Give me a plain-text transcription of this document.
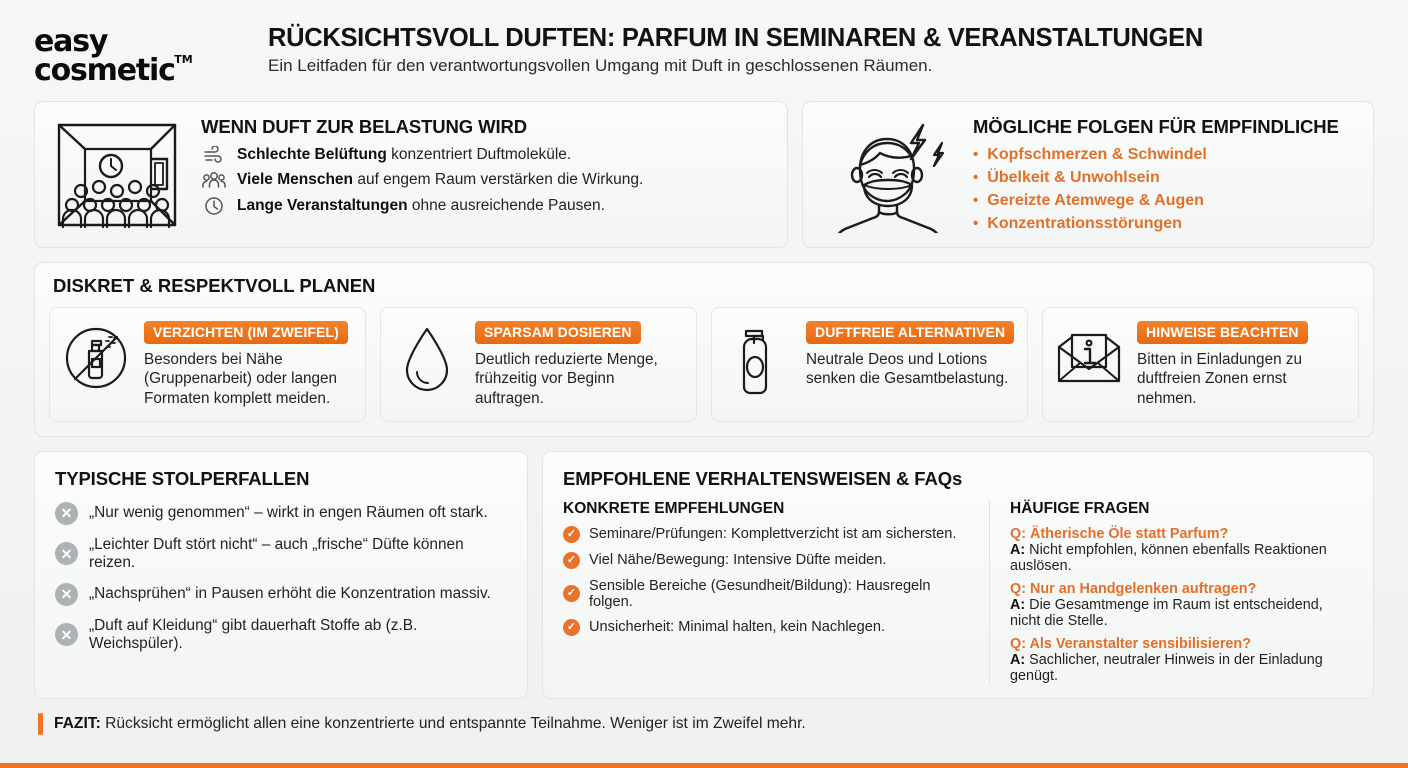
easy
cosmetic TM
RÜCKSICHTSVOLL DUFTEN: PARFUM IN SEMINAREN & VERANSTALTUNGEN
Ein Leitfaden für den verantwortungsvollen Umgang mit Duft in geschlossenen Räumen.
WENN DUFT ZUR BELASTUNG WIRD
Schlechte Belüftung konzentriert Duftmoleküle.
Viele Menschen auf engem Raum verstärken die Wirkung.
Lange Veranstaltungen ohne ausreichende Pausen.
MÖGLICHE FOLGEN FÜR EMPFINDLICHE
• Kopfschmerzen & Schwindel
• Übelkeit & Unwohlsein
• Gereizte Atemwege & Augen
• Konzentrationsstörungen
DISKRET & RESPEKTVOLL PLANEN
VERZICHTEN (IM ZWEIFEL)
Besonders bei Nähe (Gruppenarbeit) oder langen Formaten komplett meiden.
SPARSAM DOSIEREN
Deutlich reduzierte Menge, frühzeitig vor Beginn auftragen.
DUFTFREIE ALTERNATIVEN
Neutrale Deos und Lotions senken die Gesamtbelastung.
HINWEISE BEACHTEN
Bitten in Einladungen zu duftfreien Zonen ernst nehmen.
TYPISCHE STOLPERFALLEN
✕	„Nur wenig genommen“ – wirkt in engen Räumen oft stark.
✕
„Leichter Duft stört nicht“ – auch „frische“ Düfte können reizen.
✕	„Nachsprühen“ in Pausen erhöht die Konzentration massiv.
✕
„Duft auf Kleidung“ gibt dauerhaft Stoffe ab (z.B. Weichspüler).
EMPFOHLENE VERHALTENSWEISEN & FAQs
KONKRETE EMPFEHLUNGEN
✓ Seminare/Prüfungen: Komplettverzicht ist am sichersten.
✓ Viel Nähe/Bewegung: Intensive Düfte meiden.
✓ Sensible Bereiche (Gesundheit/Bildung): Hausregeln folgen.
✓ Unsicherheit: Minimal halten, kein Nachlegen.
HÄUFIGE FRAGEN
Q: Ätherische Öle statt Parfum?
A: Nicht empfohlen, können ebenfalls Reaktionen auslösen.
Q: Nur an Handgelenken auftragen?
A: Die Gesamtmenge im Raum ist entscheidend, nicht die Stelle.
Q: Als Veranstalter sensibilisieren?
A: Sachlicher, neutraler Hinweis in der Einladung genügt.
FAZIT: Rücksicht ermöglicht allen eine konzentrierte und entspannte Teilnahme. Weniger ist im Zweifel mehr.
